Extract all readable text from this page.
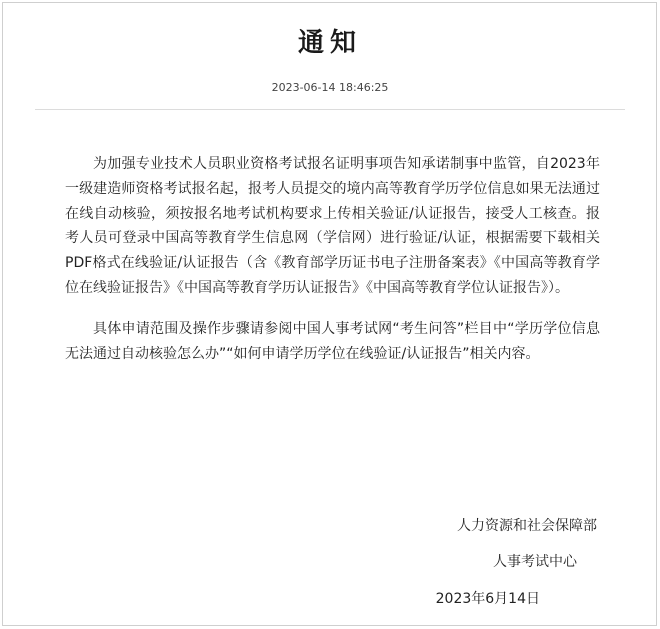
通知
2023-06-14 18:46:25

为加强专业技术人员职业资格考试报名证明事项告知承诺制事中监管，自2023年一级建造师资格考试报名起，报考人员提交的境内高等教育学历学位信息如果无法通过在线自动核验，须按报名地考试机构要求上传相关验证/认证报告，接受人工核查。报考人员可登录中国高等教育学生信息网（学信网）进行验证/认证，根据需要下载相关PDF格式在线验证/认证报告（含《教育部学历证书电子注册备案表》《中国高等教育学位在线验证报告》《中国高等教育学历认证报告》《中国高等教育学位认证报告》）。

具体申请范围及操作步骤请参阅中国人事考试网“考生问答”栏目中“学历学位信息无法通过自动核验怎么办”“如何申请学历学位在线验证/认证报告”相关内容。

人力资源和社会保障部
人事考试中心
2023年6月14日
